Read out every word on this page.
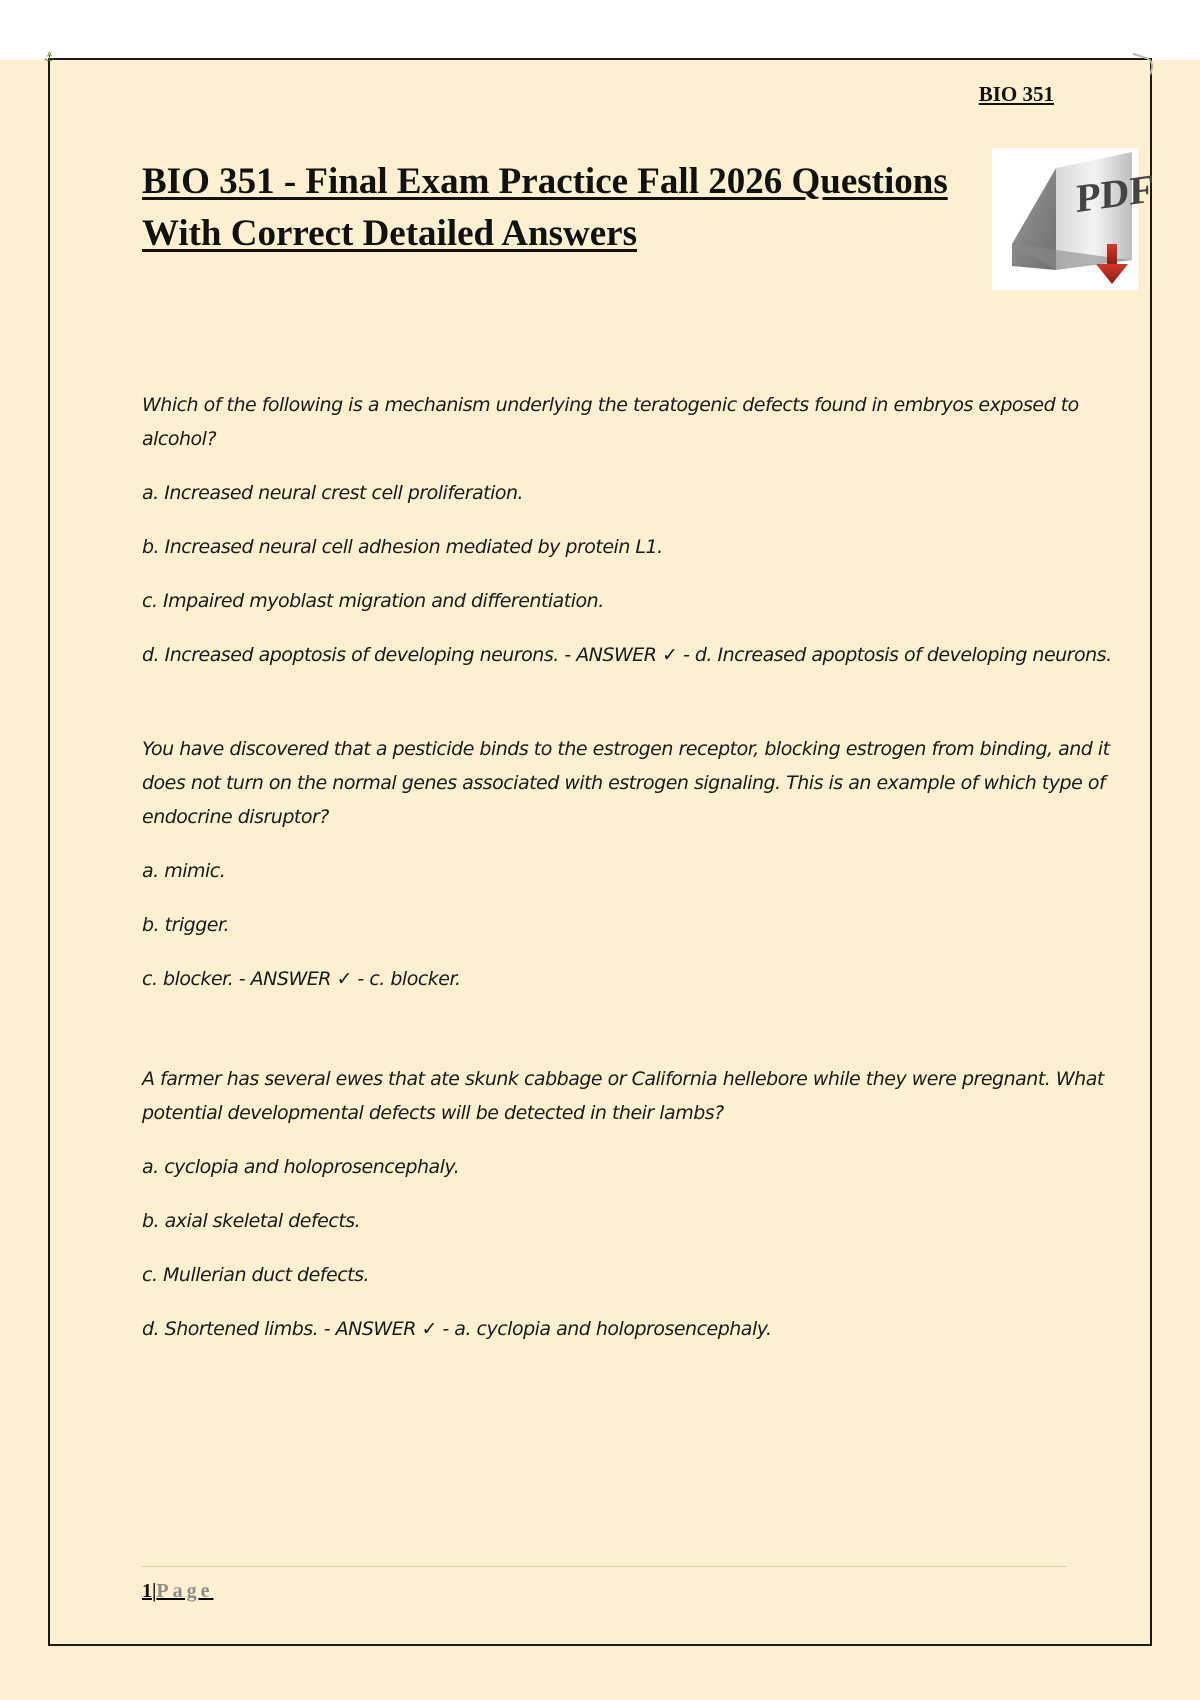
⚓
BIO 351
BIO 351 - Final Exam Practice Fall 2026 Questions
With Correct Detailed Answers
PDF
Which of the following is a mechanism underlying the teratogenic defects found in embryos exposed to alcohol?
a. Increased neural crest cell proliferation.
b. Increased neural cell adhesion mediated by protein L1.
c. Impaired myoblast migration and differentiation.
d. Increased apoptosis of developing neurons. - ANSWER ✓ - d. Increased apoptosis of developing neurons.
You have discovered that a pesticide binds to the estrogen receptor, blocking estrogen from binding, and it does not turn on the normal genes associated with estrogen signaling. This is an example of which type of endocrine disruptor?
a. mimic.
b. trigger.
c. blocker. - ANSWER ✓ - c. blocker.
A farmer has several ewes that ate skunk cabbage or California hellebore while they were pregnant. What potential developmental defects will be detected in their lambs?
a. cyclopia and holoprosencephaly.
b. axial skeletal defects.
c. Mullerian duct defects.
d. Shortened limbs. - ANSWER ✓ - a. cyclopia and holoprosencephaly.
1|Page
